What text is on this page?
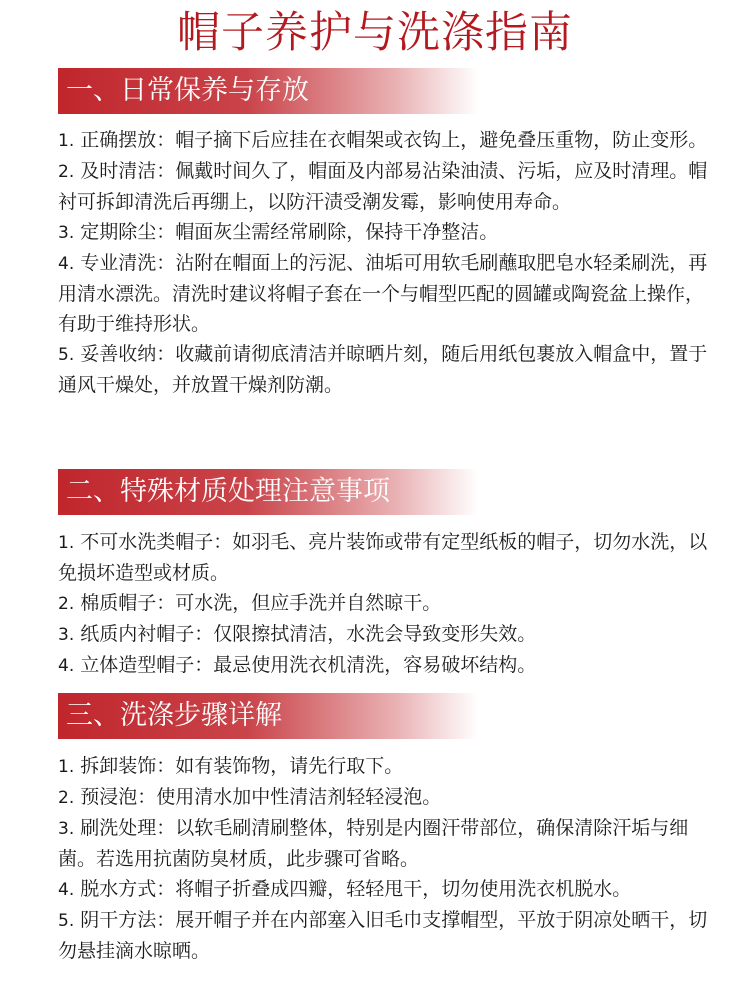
帽子养护与洗涤指南
一、日常保养与存放

1. 正确摆放：帽子摘下后应挂在衣帽架或衣钩上，避免叠压重物，防止变形。

2. 及时清洁：佩戴时间久了，帽面及内部易沾染油渍、污垢，应及时清理。帽衬可拆卸清洗后再绷上，以防汗渍受潮发霉，影响使用寿命。

3. 定期除尘：帽面灰尘需经常刷除，保持干净整洁。

4. 专业清洗：沾附在帽面上的污泥、油垢可用软毛刷蘸取肥皂水轻柔刷洗，再用清水漂洗。清洗时建议将帽子套在一个与帽型匹配的圆罐或陶瓷盆上操作，有助于维持形状。

5. 妥善收纳：收藏前请彻底清洁并晾晒片刻，随后用纸包裹放入帽盒中，置于通风干燥处，并放置干燥剂防潮。

二、特殊材质处理注意事项

1. 不可水洗类帽子：如羽毛、亮片装饰或带有定型纸板的帽子，切勿水洗，以免损坏造型或材质。

2. 棉质帽子：可水洗，但应手洗并自然晾干。

3. 纸质内衬帽子：仅限擦拭清洁，水洗会导致变形失效。

4. 立体造型帽子：最忌使用洗衣机清洗，容易破坏结构。

三、洗涤步骤详解

1. 拆卸装饰：如有装饰物，请先行取下。

2. 预浸泡：使用清水加中性清洁剂轻轻浸泡。

3. 刷洗处理：以软毛刷清刷整体，特别是内圈汗带部位，确保清除汗垢与细菌。若选用抗菌防臭材质，此步骤可省略。

4. 脱水方式：将帽子折叠成四瓣，轻轻甩干，切勿使用洗衣机脱水。

5. 阴干方法：展开帽子并在内部塞入旧毛巾支撑帽型，平放于阴凉处晒干，切勿悬挂滴水晾晒。
